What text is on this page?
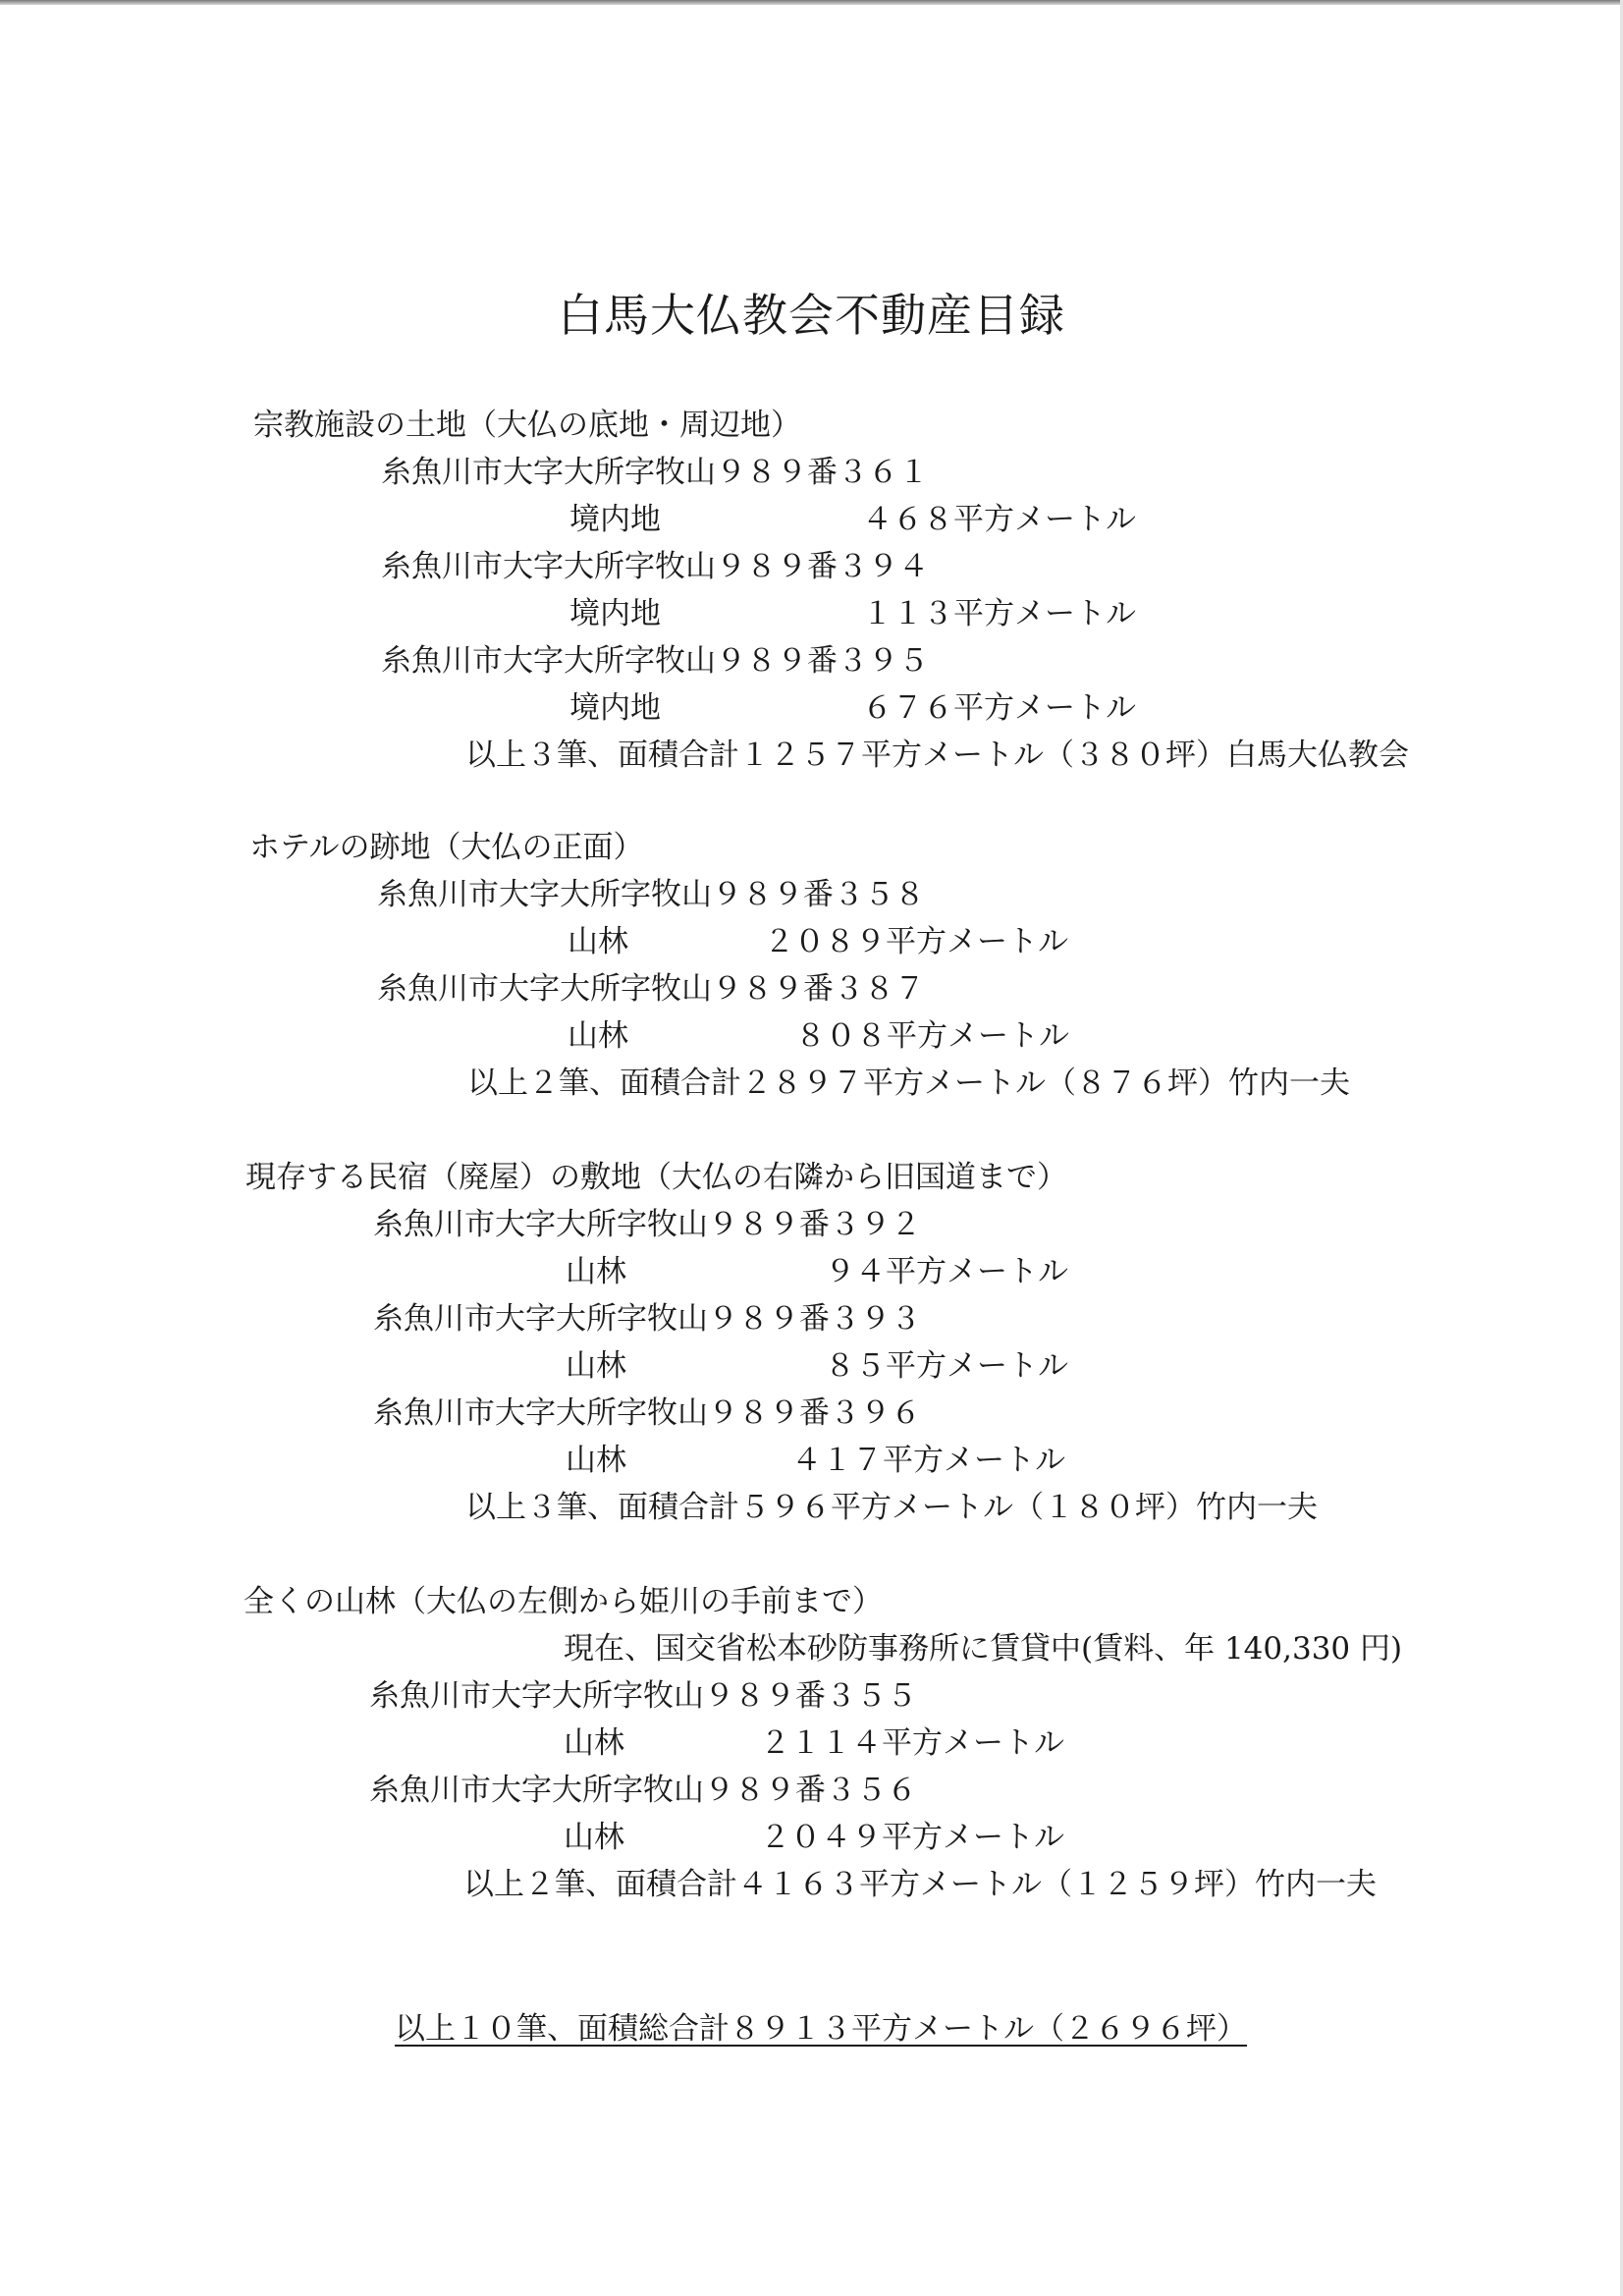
白馬大仏教会不動産目録
宗教施設の土地（大仏の底地・周辺地）
糸魚川市大字大所字牧山９８９番３６１
境内地	４６８平方メートル
糸魚川市大字大所字牧山９８９番３９４
境内地	１１３平方メートル
糸魚川市大字大所字牧山９８９番３９５
境内地	６７６平方メートル
以上３筆、面積合計１２５７平方メートル（３８０坪）白馬大仏教会
ホテルの跡地（大仏の正面）
糸魚川市大字大所字牧山９８９番３５８
山林	２０８９平方メートル
糸魚川市大字大所字牧山９８９番３８７
山林	８０８平方メートル
以上２筆、面積合計２８９７平方メートル（８７６坪）竹内一夫
現存する民宿（廃屋）の敷地（大仏の右隣から旧国道まで）
糸魚川市大字大所字牧山９８９番３９２
山林	９４平方メートル
糸魚川市大字大所字牧山９８９番３９３
山林	８５平方メートル
糸魚川市大字大所字牧山９８９番３９６
山林	４１７平方メートル
以上３筆、面積合計５９６平方メートル（１８０坪）竹内一夫
全くの山林（大仏の左側から姫川の手前まで）
現在、国交省松本砂防事務所に賃貸中(賃料、年 140,330 円)
糸魚川市大字大所字牧山９８９番３５５
山林	２１１４平方メートル
糸魚川市大字大所字牧山９８９番３５６
山林	２０４９平方メートル
以上２筆、面積合計４１６３平方メートル（１２５９坪）竹内一夫
以上１０筆、面積総合計８９１３平方メートル（２６９６坪）
